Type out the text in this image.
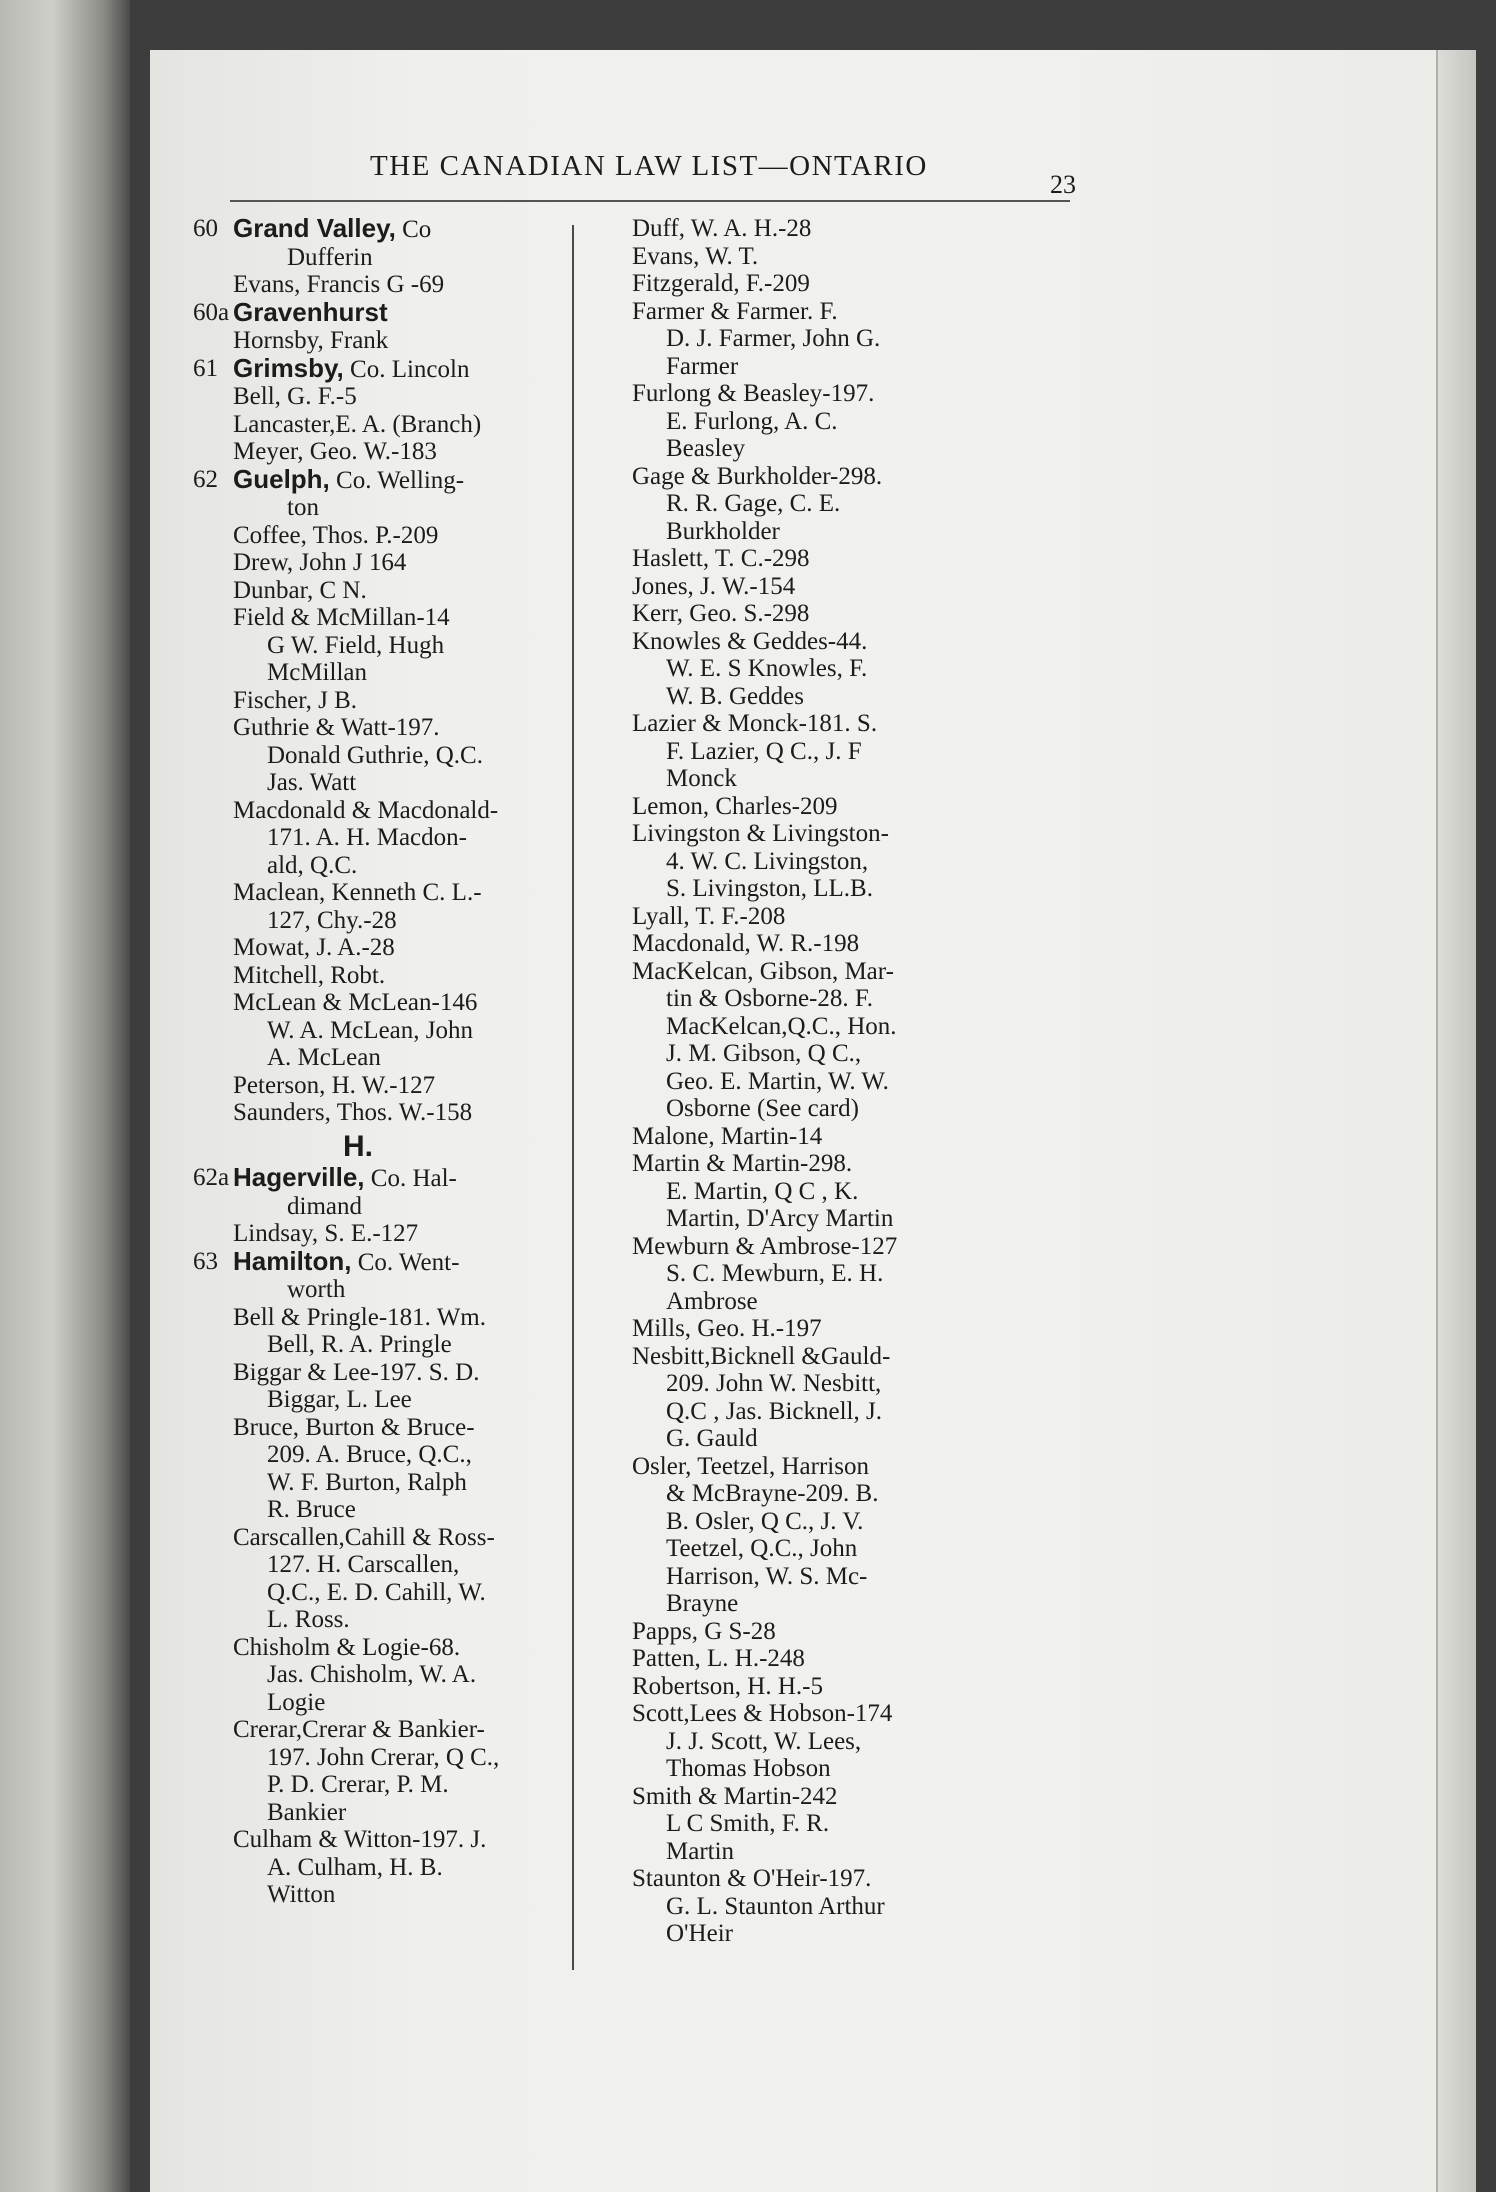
THE CANADIAN LAW LIST—ONTARIO
23
60 Grand Valley, Co
Dufferin
Evans, Francis G -69
60a Gravenhurst
Hornsby, Frank
61 Grimsby, Co. Lincoln
Bell, G. F.-5
Lancaster,E. A. (Branch)
Meyer, Geo. W.-183
62 Guelph, Co. Welling-
ton
Coffee, Thos. P.-209
Drew, John J 164
Dunbar, C N.
Field & McMillan-14
G W. Field, Hugh
McMillan
Fischer, J B.
Guthrie & Watt-197.
Donald Guthrie, Q.C.
Jas. Watt
Macdonald & Macdonald-
171. A. H. Macdon-
ald, Q.C.
Maclean, Kenneth C. L.-
127, Chy.-28
Mowat, J. A.-28
Mitchell, Robt.
McLean & McLean-146
W. A. McLean, John
A. McLean
Peterson, H. W.-127
Saunders, Thos. W.-158
H.
62a Hagerville, Co. Hal-
dimand
Lindsay, S. E.-127
63 Hamilton, Co. Went-
worth
Bell & Pringle-181. Wm.
Bell, R. A. Pringle
Biggar & Lee-197. S. D.
Biggar, L. Lee
Bruce, Burton & Bruce-
209. A. Bruce, Q.C.,
W. F. Burton, Ralph
R. Bruce
Carscallen,Cahill & Ross-
127. H. Carscallen,
Q.C., E. D. Cahill, W.
L. Ross.
Chisholm & Logie-68.
Jas. Chisholm, W. A.
Logie
Crerar,Crerar & Bankier-
197. John Crerar, Q C.,
P. D. Crerar, P. M.
Bankier
Culham & Witton-197. J.
A. Culham, H. B.
Witton
Duff, W. A. H.-28
Evans, W. T.
Fitzgerald, F.-209
Farmer & Farmer. F.
D. J. Farmer, John G.
Farmer
Furlong & Beasley-197.
E. Furlong, A. C.
Beasley
Gage & Burkholder-298.
R. R. Gage, C. E.
Burkholder
Haslett, T. C.-298
Jones, J. W.-154
Kerr, Geo. S.-298
Knowles & Geddes-44.
W. E. S Knowles, F.
W. B. Geddes
Lazier & Monck-181. S.
F. Lazier, Q C., J. F
Monck
Lemon, Charles-209
Livingston & Livingston-
4. W. C. Livingston,
S. Livingston, LL.B.
Lyall, T. F.-208
Macdonald, W. R.-198
MacKelcan, Gibson, Mar-
tin & Osborne-28. F.
MacKelcan,Q.C., Hon.
J. M. Gibson, Q C.,
Geo. E. Martin, W. W.
Osborne (See card)
Malone, Martin-14
Martin & Martin-298.
E. Martin, Q C , K.
Martin, D'Arcy Martin
Mewburn & Ambrose-127
S. C. Mewburn, E. H.
Ambrose
Mills, Geo. H.-197
Nesbitt,Bicknell &Gauld-
209. John W. Nesbitt,
Q.C , Jas. Bicknell, J.
G. Gauld
Osler, Teetzel, Harrison
& McBrayne-209. B.
B. Osler, Q C., J. V.
Teetzel, Q.C., John
Harrison, W. S. Mc-
Brayne
Papps, G S-28
Patten, L. H.-248
Robertson, H. H.-5
Scott,Lees & Hobson-174
J. J. Scott, W. Lees,
Thomas Hobson
Smith & Martin-242
L C Smith, F. R.
Martin
Staunton & O'Heir-197.
G. L. Staunton Arthur
O'Heir
